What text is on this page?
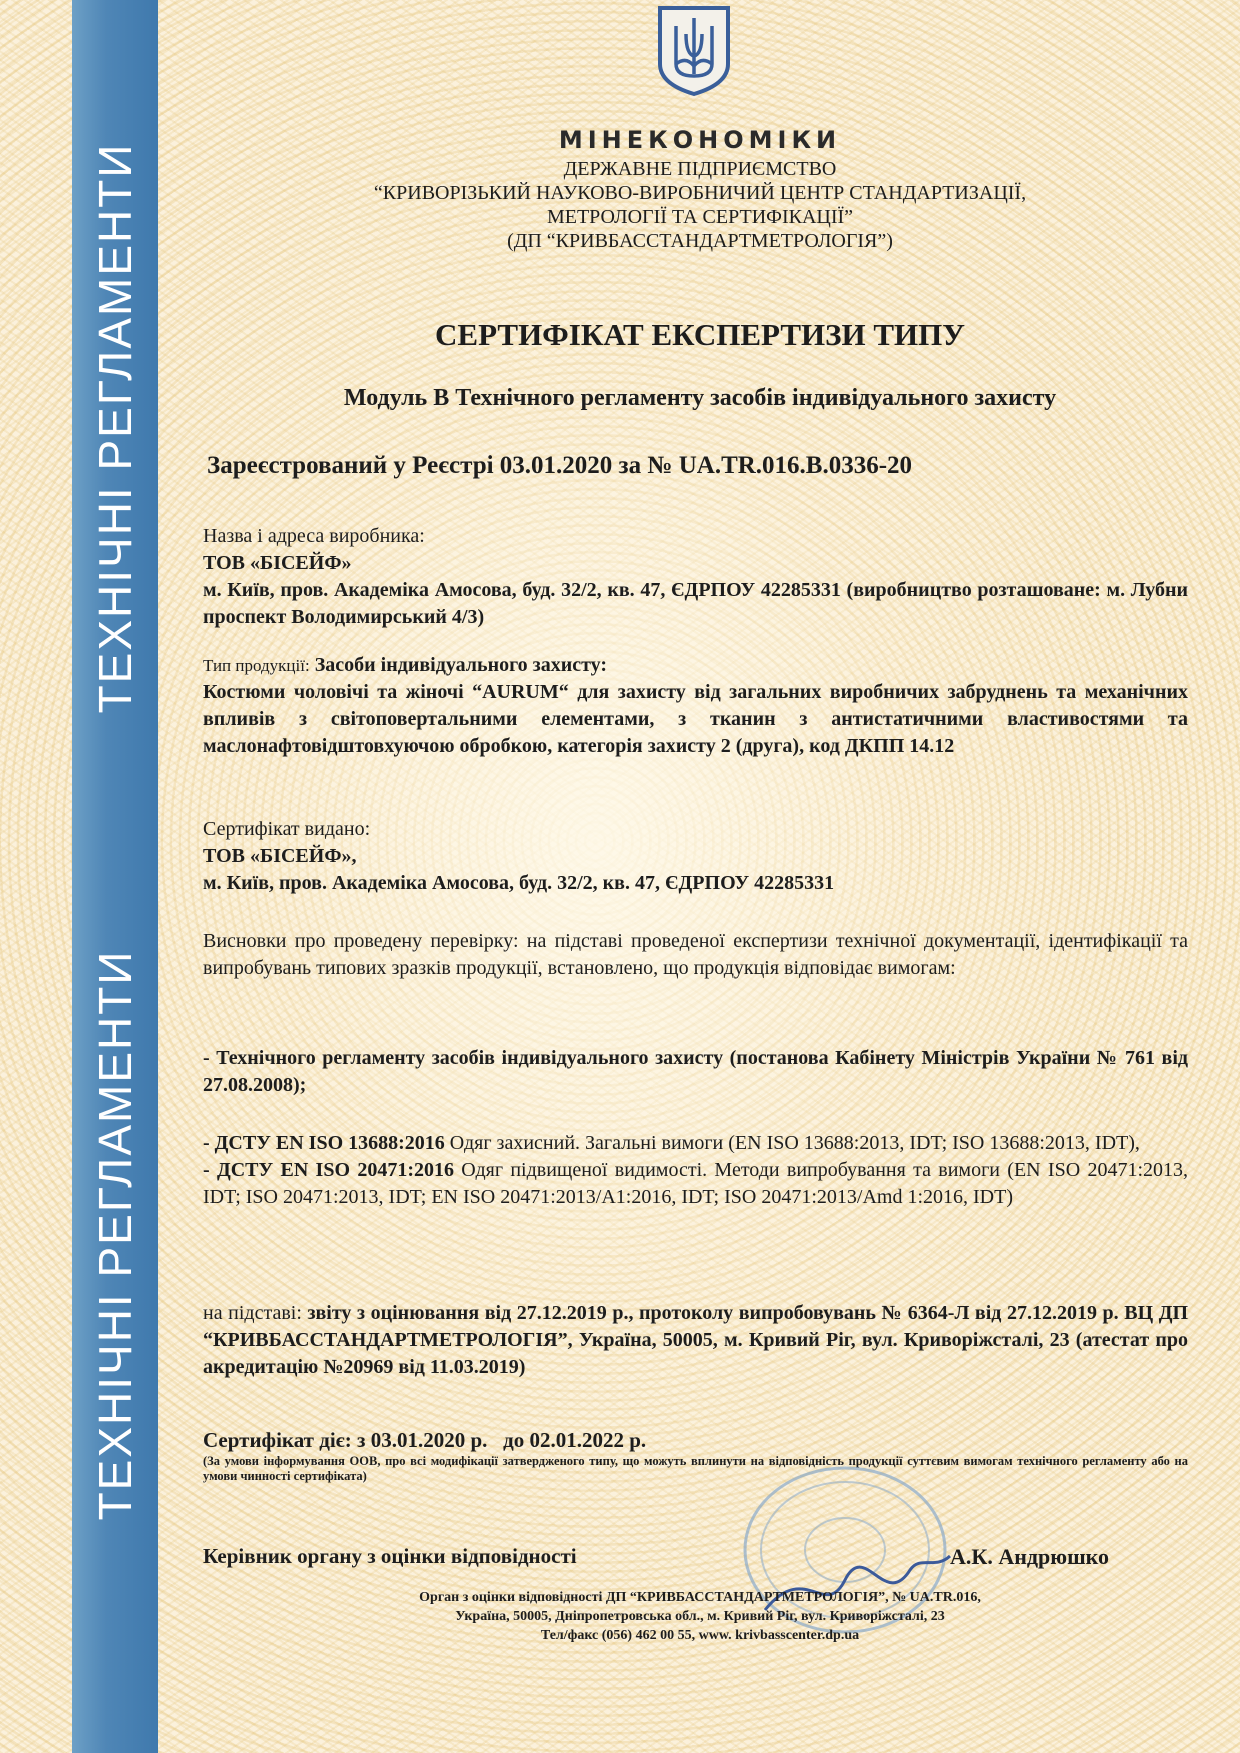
ТЕХНІЧНІ РЕГЛАМЕНТИ
ТЕХНІЧНІ РЕГЛАМЕНТИ
МІНЕКОНОМІКИ
ДЕРЖАВНЕ ПІДПРИЄМСТВО
“КРИВОРІЗЬКИЙ НАУКОВО-ВИРОБНИЧИЙ ЦЕНТР СТАНДАРТИЗАЦІЇ,
МЕТРОЛОГІЇ ТА СЕРТИФІКАЦІЇ”
(ДП “КРИВБАССТАНДАРТМЕТРОЛОГІЯ”)
СЕРТИФІКАТ ЕКСПЕРТИЗИ ТИПУ
Модуль В Технічного регламенту засобів індивідуального захисту
Зареєстрований у Реєстрі 03.01.2020 за № UA.TR.016.B.0336-20
Назва і адреса виробника:
ТОВ «БІСЕЙФ»
м. Київ, пров. Академіка Амосова, буд. 32/2, кв. 47, ЄДРПОУ 42285331 (виробництво розташоване: м. Лубни проспект Володимирський 4/3)
Тип продукції: Засоби індивідуального захисту:
Костюми чоловічі та жіночі “AURUM“ для захисту від загальних виробничих забруднень та механічних впливів з світоповертальними елементами, з тканин з антистатичними властивостями та маслонафтовідштовхуючою обробкою, категорія захисту 2 (друга), код ДКПП 14.12
Сертифікат видано:
ТОВ «БІСЕЙФ»,
м. Київ, пров. Академіка Амосова, буд. 32/2, кв. 47, ЄДРПОУ 42285331
Висновки про проведену перевірку: на підставі проведеної експертизи технічної документації, ідентифікації та випробувань типових зразків продукції, встановлено, що продукція відповідає вимогам:
- Технічного регламенту засобів індивідуального захисту (постанова Кабінету Міністрів України № 761 від 27.08.2008);
- ДСТУ EN ISO 13688:2016 Одяг захисний. Загальні вимоги (EN ISO 13688:2013, IDT; ISO 13688:2013, IDT),
- ДСТУ EN ISO 20471:2016 Одяг підвищеної видимості. Методи випробування та вимоги (EN ISO 20471:2013, IDT; ISO 20471:2013, IDT; EN ISO 20471:2013/A1:2016, IDT; ISO 20471:2013/Amd 1:2016, IDT)
на підставі: звіту з оцінювання від 27.12.2019 р., протоколу випробовувань № 6364-Л від 27.12.2019 р. ВЦ ДП “КРИВБАССТАНДАРТМЕТРОЛОГІЯ”, Україна, 50005, м. Кривий Ріг, вул. Криворіжсталі, 23 (атестат про акредитацію №20969 від 11.03.2019)
Сертифікат діє: з 03.01.2020 р.   до 02.01.2022 р.
(За умови інформування ООВ, про всі модифікації затвердженого типу, що можуть вплинути на відповідність продукції суттєвим вимогам технічного регламенту або на умови чинності сертифіката)
Керівник органу з оцінки відповідності	А.К. Андрюшко
Орган з оцінки відповідності ДП “КРИВБАССТАНДАРТМЕТРОЛОГІЯ”, № UA.TR.016,
Україна, 50005, Дніпропетровська обл., м. Кривий Ріг, вул. Криворіжсталі, 23
Тел/факс (056) 462 00 55, www. krivbasscenter.dp.ua
